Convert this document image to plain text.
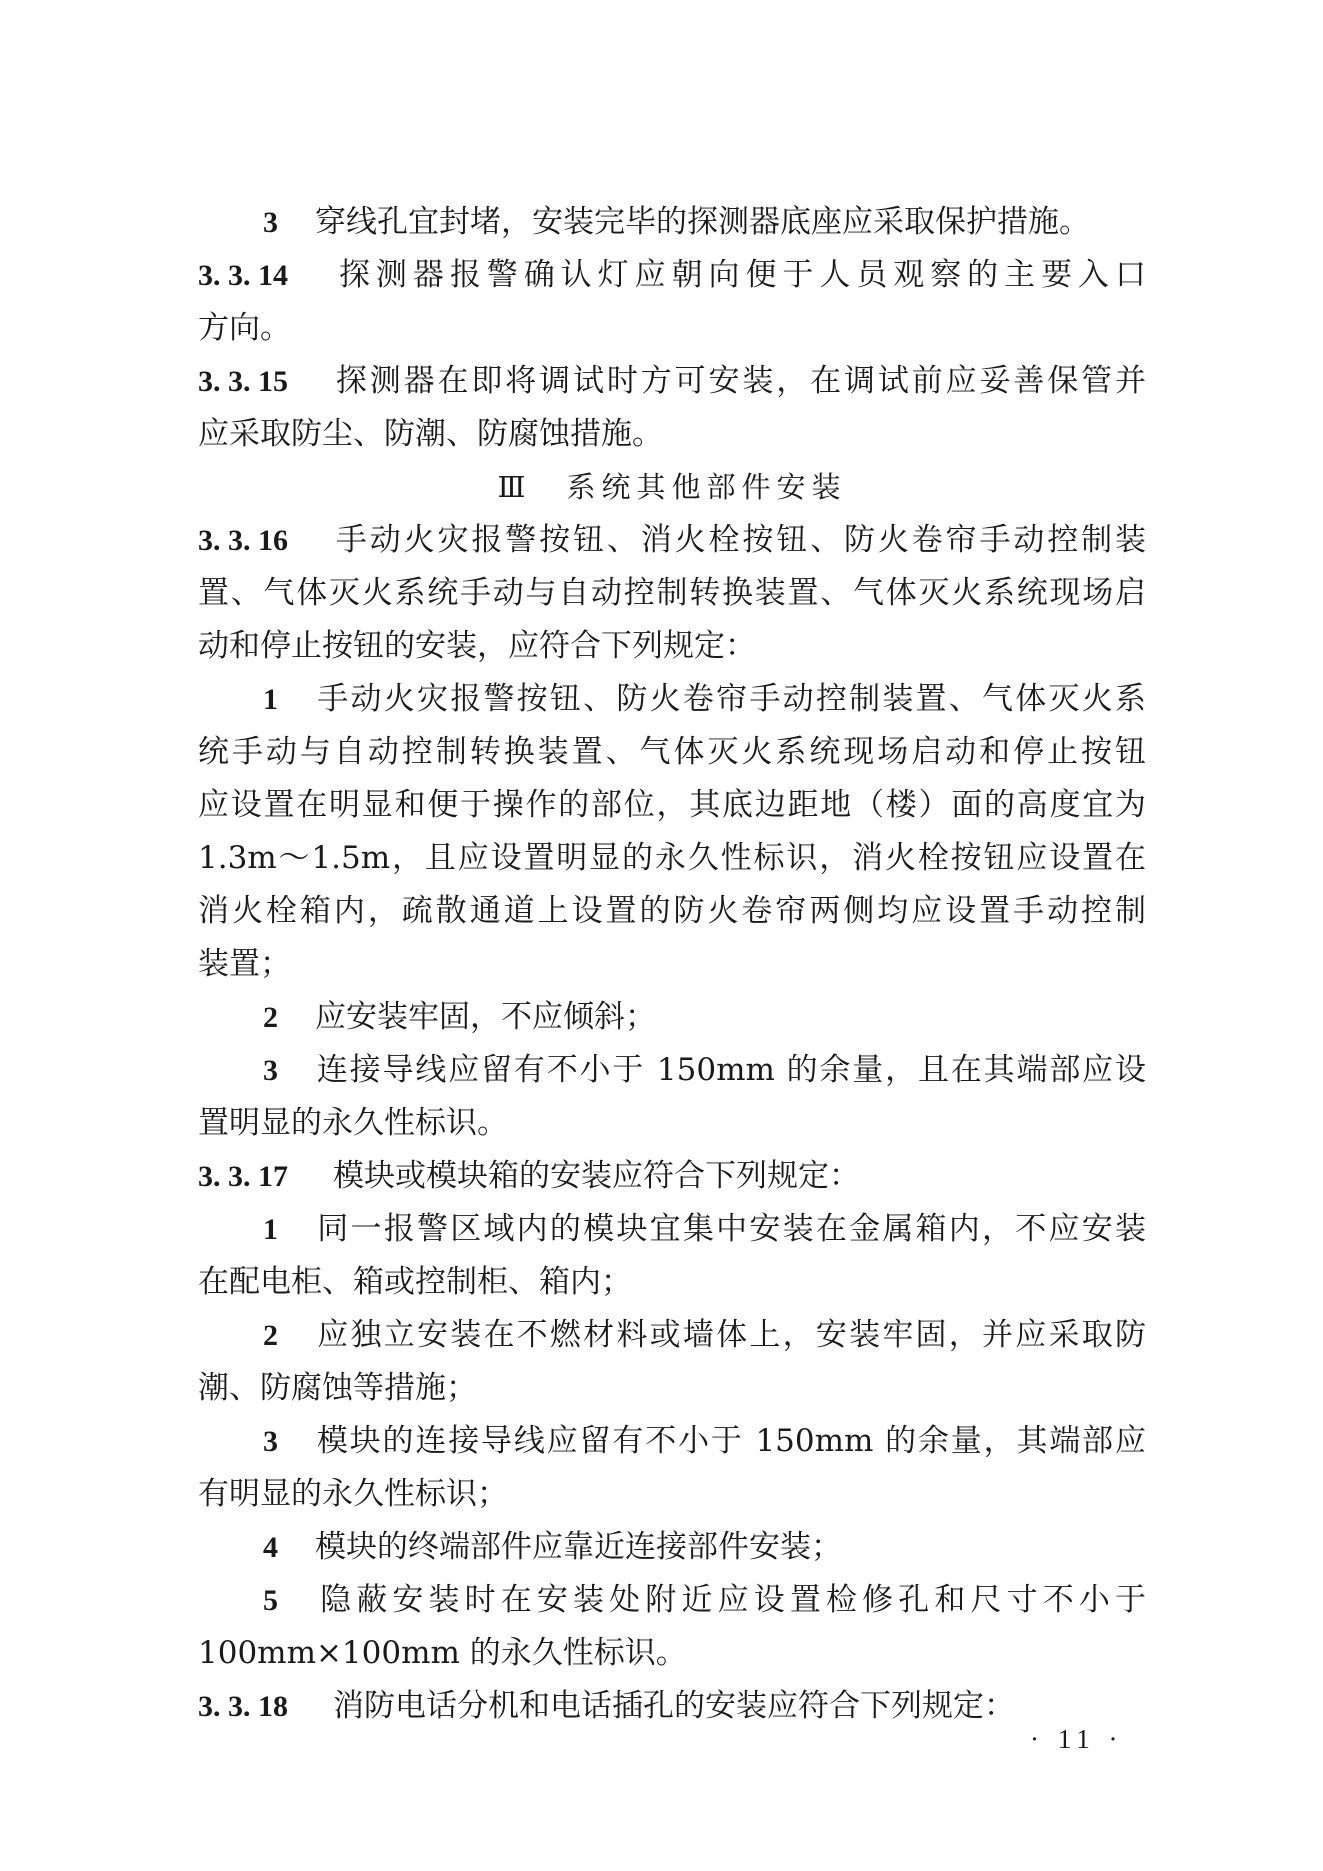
3 穿线孔宜封堵，安装完毕的探测器底座应采取保护措施。
3. 3. 14 探测器报警确认灯应朝向便于人员观察的主要入口
方向。
3. 3. 15 探测器在即将调试时方可安装，在调试前应妥善保管并
应采取防尘、防潮、防腐蚀措施。
Ⅲ　系统其他部件安装
3. 3. 16 手动火灾报警按钮、消火栓按钮、防火卷帘手动控制装
置、气体灭火系统手动与自动控制转换装置、气体灭火系统现场启
动和停止按钮的安装，应符合下列规定：
1 手动火灾报警按钮、防火卷帘手动控制装置、气体灭火系
统手动与自动控制转换装置、气体灭火系统现场启动和停止按钮
应设置在明显和便于操作的部位，其底边距地（楼）面的高度宜为
1.3m～1.5m，且应设置明显的永久性标识，消火栓按钮应设置在
消火栓箱内，疏散通道上设置的防火卷帘两侧均应设置手动控制
装置；
2 应安装牢固，不应倾斜；
3 连接导线应留有不小于 150mm 的余量，且在其端部应设
置明显的永久性标识。
3. 3. 17 模块或模块箱的安装应符合下列规定：
1 同一报警区域内的模块宜集中安装在金属箱内，不应安装
在配电柜、箱或控制柜、箱内；
2 应独立安装在不燃材料或墙体上，安装牢固，并应采取防
潮、防腐蚀等措施；
3 模块的连接导线应留有不小于 150mm 的余量，其端部应
有明显的永久性标识；
4 模块的终端部件应靠近连接部件安装；
5 隐蔽安装时在安装处附近应设置检修孔和尺寸不小于
100mm×100mm 的永久性标识。
3. 3. 18 消防电话分机和电话插孔的安装应符合下列规定：
· 11 ·
